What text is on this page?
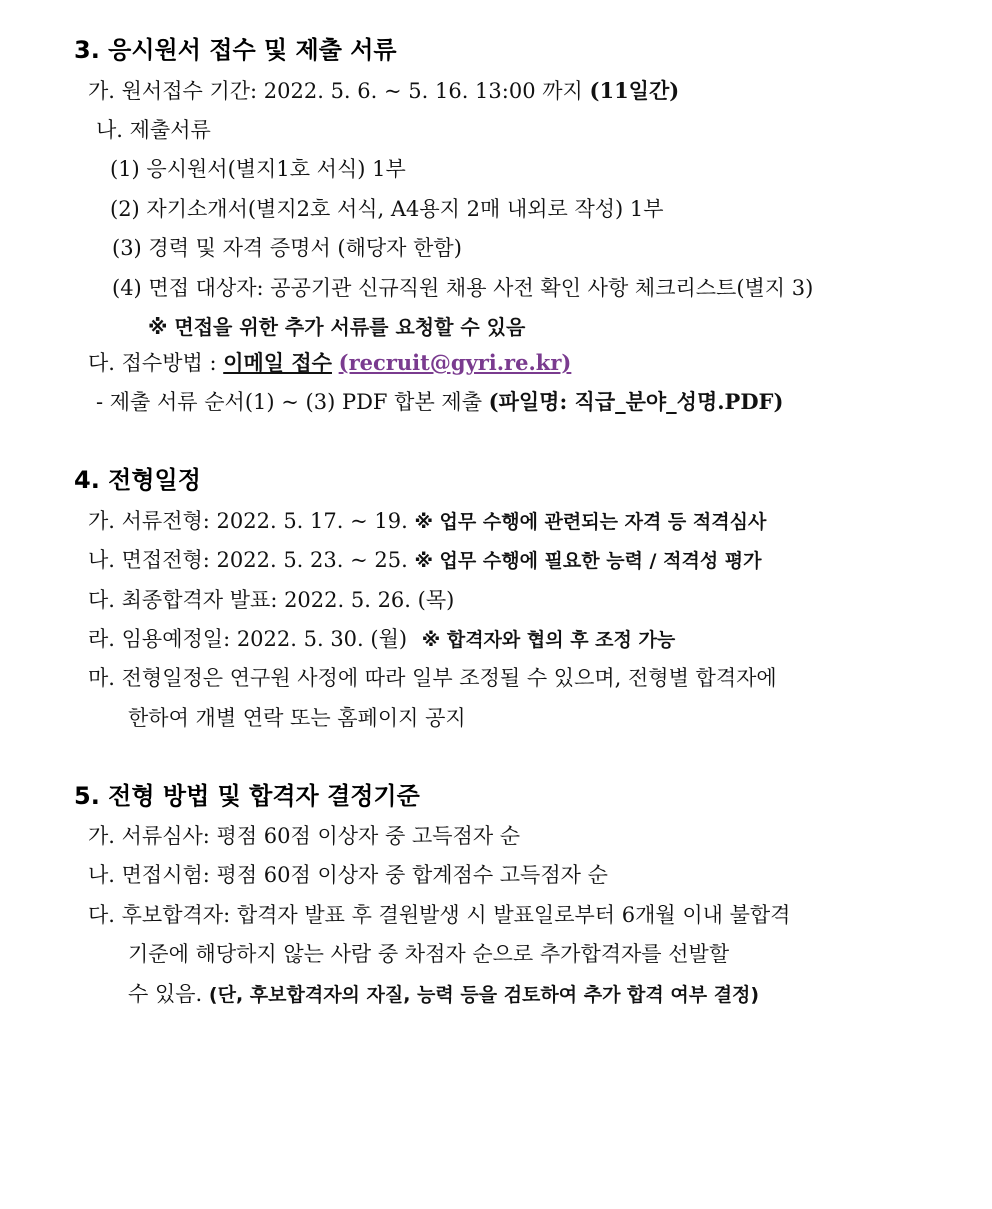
3. 응시원서 접수 및 제출 서류
가. 원서접수 기간: 2022. 5. 6. ~ 5. 16. 13:00 까지 (11일간)
나. 제출서류
(1) 응시원서(별지1호 서식) 1부
(2) 자기소개서(별지2호 서식, A4용지 2매 내외로 작성) 1부
(3) 경력 및 자격 증명서 (해당자 한함)
(4) 면접 대상자: 공공기관 신규직원 채용 사전 확인 사항 체크리스트(별지 3)
※ 면접을 위한 추가 서류를 요청할 수 있음
다. 접수방법 : 이메일 접수 (recruit@gyri.re.kr)
- 제출 서류 순서(1) ~ (3) PDF 합본 제출 (파일명: 직급_분야_성명.PDF)
4. 전형일정
가. 서류전형: 2022. 5. 17. ~ 19. ※ 업무 수행에 관련되는 자격 등 적격심사
나. 면접전형: 2022. 5. 23. ~ 25. ※ 업무 수행에 필요한 능력 / 적격성 평가
다. 최종합격자 발표: 2022. 5. 26. (목)
라. 임용예정일: 2022. 5. 30. (월) ※ 합격자와 협의 후 조정 가능
마. 전형일정은 연구원 사정에 따라 일부 조정될 수 있으며, 전형별 합격자에
한하여 개별 연락 또는 홈페이지 공지
5. 전형 방법 및 합격자 결정기준
가. 서류심사: 평점 60점 이상자 중 고득점자 순
나. 면접시험: 평점 60점 이상자 중 합계점수 고득점자 순
다. 후보합격자: 합격자 발표 후 결원발생 시 발표일로부터 6개월 이내 불합격
기준에 해당하지 않는 사람 중 차점자 순으로 추가합격자를 선발할
수 있음. (단, 후보합격자의 자질, 능력 등을 검토하여 추가 합격 여부 결정)
